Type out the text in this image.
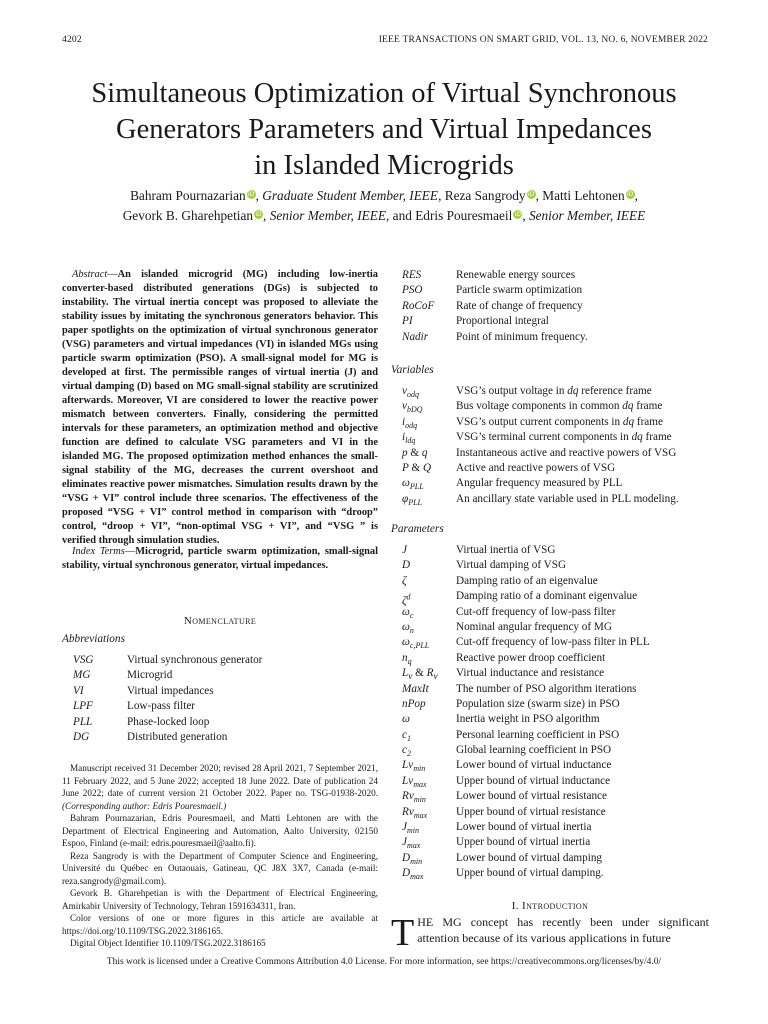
4202	IEEE TRANSACTIONS ON SMART GRID, VOL. 13, NO. 6, NOVEMBER 2022
Simultaneous Optimization of Virtual Synchronous
Generators Parameters and Virtual Impedances
in Islanded Microgrids
Bahram Pournazarian iD, Graduate Student Member, IEEE, Reza Sangrody iD, Matti Lehtonen iD,
Gevork B. Gharehpetian iD, Senior Member, IEEE, and Edris Pouresmaeil iD, Senior Member, IEEE
Abstract—An islanded microgrid (MG) including low-inertia converter-based distributed generations (DGs) is subjected to instability. The virtual inertia concept was proposed to alleviate the stability issues by imitating the synchronous generators behavior. This paper spotlights on the optimization of virtual synchronous generator (VSG) parameters and virtual impedances (VI) in islanded MGs using particle swarm optimization (PSO). A small-signal model for MG is developed at first. The permissible ranges of virtual inertia (J) and virtual damping (D) based on MG small-signal stability are scrutinized afterwards. Moreover, VI are considered to lower the reactive power mismatch between converters. Finally, considering the permitted intervals for these parameters, an optimization method and objective function are defined to calculate VSG parameters and VI in the islanded MG. The proposed optimization method enhances the small-signal stability of the MG, decreases the current overshoot and eliminates reactive power mismatches. Simulation results drawn by the “VSG + VI” control include three scenarios. The effectiveness of the proposed “VSG + VI” control method in comparison with “droop” control, “droop + VI”, “non-optimal VSG + VI”, and “VSG ” is verified through simulation studies.
Index Terms—Microgrid, particle swarm optimization, small-signal stability, virtual synchronous generator, virtual impedances.
Nomenclature
Abbreviations
VSG	Virtual synchronous generator
MG	Microgrid
VI	Virtual impedances
LPF	Low-pass filter
PLL	Phase-locked loop
DG	Distributed generation

Manuscript received 31 December 2020; revised 28 April 2021, 7 September 2021, 11 February 2022, and 5 June 2022; accepted 18 June 2022. Date of publication 24 June 2022; date of current version 21 October 2022. Paper no. TSG-01938-2020. (Corresponding author: Edris Pouresmaeil.)

Bahram Pournazarian, Edris Pouresmaeil, and Matti Lehtonen are with the Department of Electrical Engineering and Automation, Aalto University, 02150 Espoo, Finland (e-mail: edris.pouresmaeil@aalto.fi).

Reza Sangrody is with the Department of Computer Science and Engineering, Université du Québec en Outaouais, Gatineau, QC J8X 3X7, Canada (e-mail: reza.sangrody@gmail.com).

Gevork B. Gharehpetian is with the Department of Electrical Engineering, Amirkabir University of Technology, Tehran 1591634311, Iran.

Color versions of one or more figures in this article are available at https://doi.org/10.1109/TSG.2022.3186165.

Digital Object Identifier 10.1109/TSG.2022.3186165

RES	Renewable energy sources
PSO	Particle swarm optimization
RoCoF	Rate of change of frequency
PI	Proportional integral
Nadir	Point of minimum frequency.
Variables
$v_{odq}$	VSG’s output voltage in dq reference frame
$v_{bDQ}$	Bus voltage components in common dq frame
$i_{odq}$	VSG’s output current components in dq frame
$i_{ldq}$	VSG’s terminal current components in dq frame
p & q	Instantaneous active and reactive powers of VSG
P & Q	Active and reactive powers of VSG
$\omega_{PLL}$	Angular frequency measured by PLL
$\varphi_{PLL}$	An ancillary state variable used in PLL modeling.
Parameters
J	Virtual inertia of VSG
D	Virtual damping of VSG
ζ	Damping ratio of an eigenvalue
$\zeta^d$	Damping ratio of a dominant eigenvalue
$\omega_c$	Cut-off frequency of low-pass filter
$\omega_n$	Nominal angular frequency of MG
$\omega_{c,PLL}$	Cut-off frequency of low-pass filter in PLL
$n_q$	Reactive power droop coefficient
$L_v$ & $R_v$	Virtual inductance and resistance
MaxIt	The number of PSO algorithm iterations
nPop	Population size (swarm size) in PSO
ω	Inertia weight in PSO algorithm
$c_1$	Personal learning coefficient in PSO
$c_2$	Global learning coefficient in PSO
$Lv_{min}$	Lower bound of virtual inductance
$Lv_{max}$	Upper bound of virtual inductance
$Rv_{min}$	Lower bound of virtual resistance
$Rv_{max}$	Upper bound of virtual resistance
$J_{min}$	Lower bound of virtual inertia
$J_{max}$	Upper bound of virtual inertia
$D_{min}$	Lower bound of virtual damping
$D_{max}$	Upper bound of virtual damping.
I. Introduction
THE MG concept has recently been under significant attention because of its various applications in future
This work is licensed under a Creative Commons Attribution 4.0 License. For more information, see https://creativecommons.org/licenses/by/4.0/
